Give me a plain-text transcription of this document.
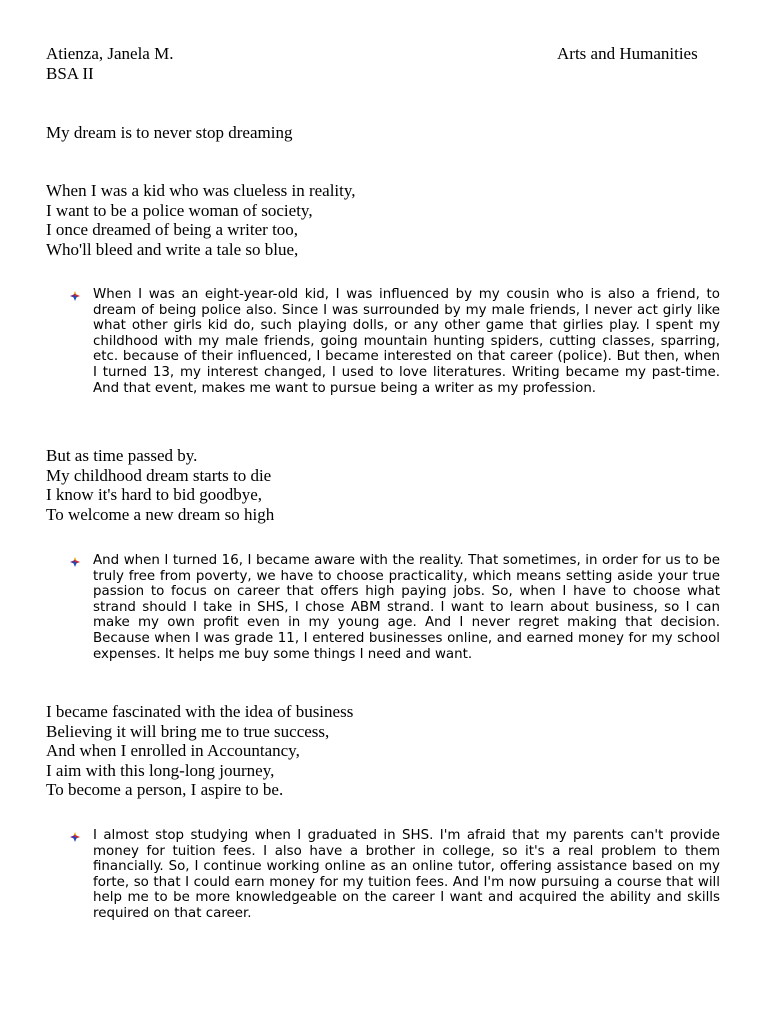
Atienza, Janela M.
BSA II
Arts and Humanities
My dream is to never stop dreaming
When I was a kid who was clueless in reality,
I want to be a police woman of society,
I once dreamed of being a writer too,
Who'll bleed and write a tale so blue,

When I was an eight-year-old kid, I was influenced by my cousin who is also a friend, to dream of being police also. Since I was surrounded by my male friends, I never act girly like what other girls kid do, such playing dolls, or any other game that girlies play. I spent my childhood with my male friends, going mountain hunting spiders, cutting classes, sparring, etc. because of their influenced, I became interested on that career (police). But then, when I turned 13, my interest changed, I used to love literatures. Writing became my past-time. And that event, makes me want to pursue being a writer as my profession.

But as time passed by.
My childhood dream starts to die
I know it's hard to bid goodbye,
To welcome a new dream so high

And when I turned 16, I became aware with the reality. That sometimes, in order for us to be truly free from poverty, we have to choose practicality, which means setting aside your true passion to focus on career that offers high paying jobs. So, when I have to choose what strand should I take in SHS, I chose ABM strand. I want to learn about business, so I can make my own profit even in my young age. And I never regret making that decision. Because when I was grade 11, I entered businesses online, and earned money for my school expenses. It helps me buy some things I need and want.

I became fascinated with the idea of business
Believing it will bring me to true success,
And when I enrolled in Accountancy,
I aim with this long-long journey,
To become a person, I aspire to be.

I almost stop studying when I graduated in SHS. I'm afraid that my parents can't provide money for tuition fees. I also have a brother in college, so it's a real problem to them financially. So, I continue working online as an online tutor, offering assistance based on my forte, so that I could earn money for my tuition fees. And I'm now pursuing a course that will help me to be more knowledgeable on the career I want and acquired the ability and skills required on that career.
